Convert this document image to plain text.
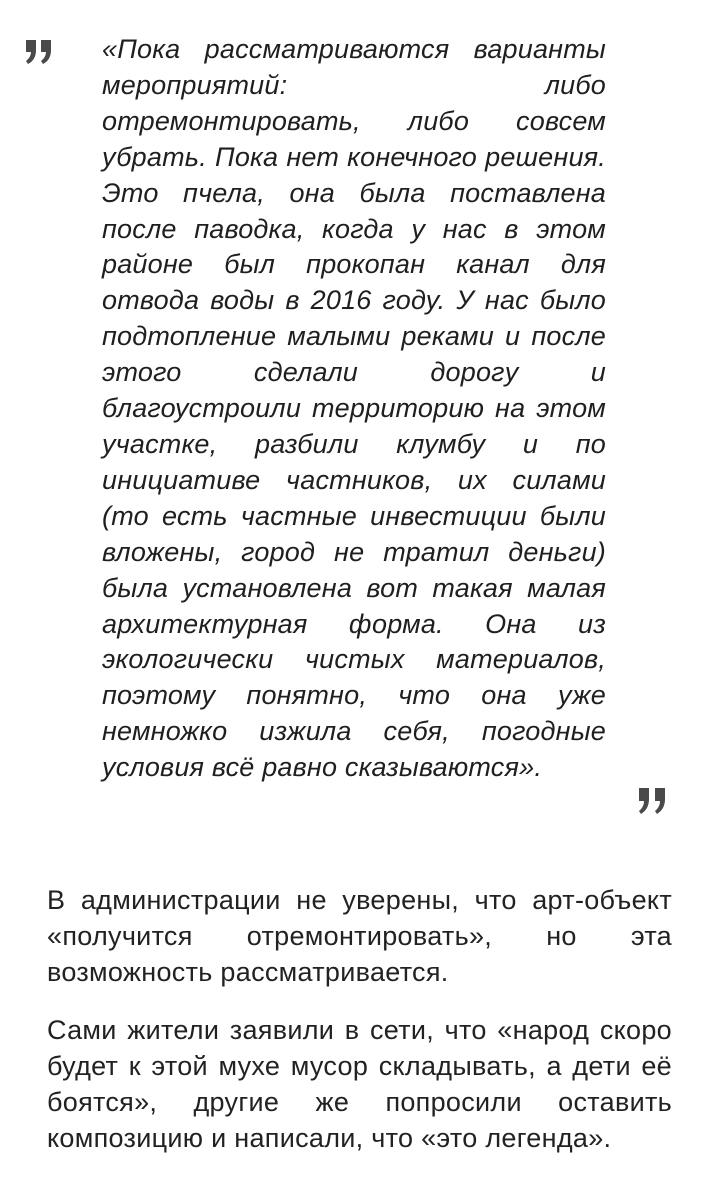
«Пока рассматриваются варианты мероприятий: либо отремонтировать, либо совсем убрать. Пока нет конечного решения. Это пчела, она была поставлена после паводка, когда у нас в этом районе был прокопан канал для отвода воды в 2016 году. У нас было подтопление малыми реками и после этого сделали дорогу и благоустроили территорию на этом участке, разбили клумбу и по инициативе частников, их силами (то есть частные инвестиции были вложены, город не тратил деньги) была установлена вот такая малая архитектурная форма. Она из экологически чистых материалов, поэтому понятно, что она уже немножко изжила себя, погодные условия всё равно сказываются».

В администрации не уверены, что арт-объект «получится отремонтировать», но эта возможность рассматривается.

Сами жители заявили в сети, что «народ скоро будет к этой мухе мусор складывать, а дети её боятся», другие же попросили оставить композицию и написали, что «это легенда».
